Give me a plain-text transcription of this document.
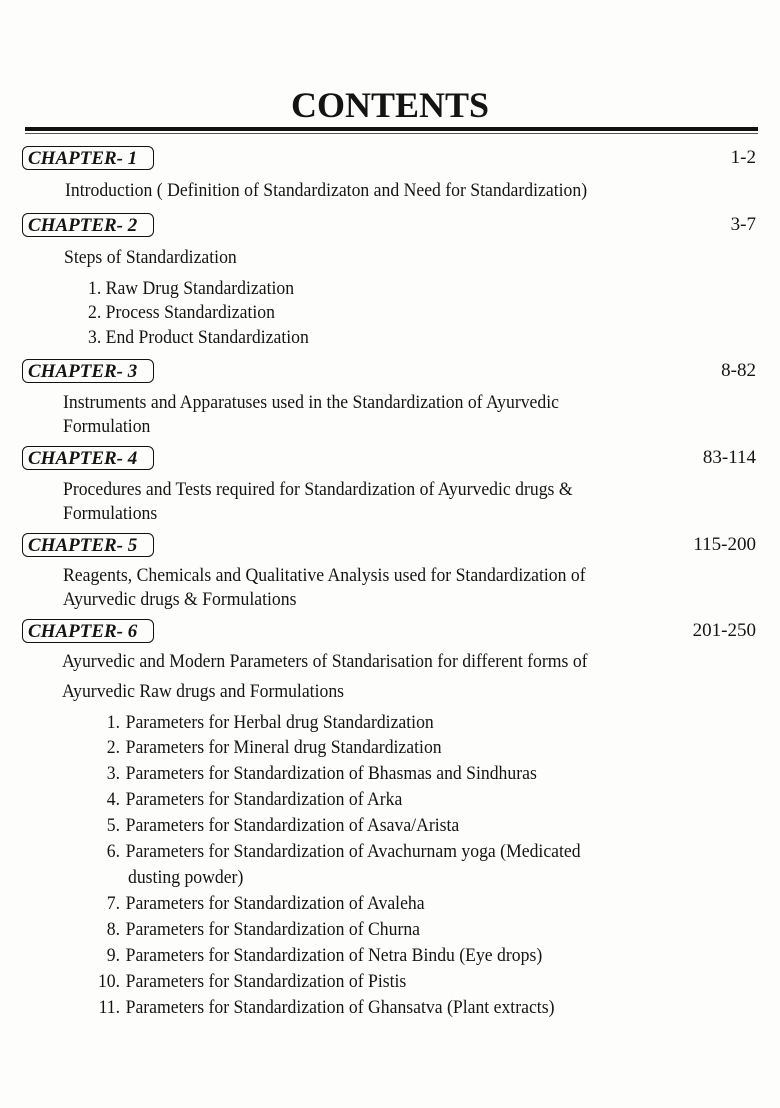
CONTENTS
CHAPTER- 1	1-2
Introduction ( Definition of Standardizaton and Need for Standardization)
CHAPTER- 2	3-7
Steps of Standardization
1. Raw Drug Standardization
2. Process Standardization
3. End Product Standardization
CHAPTER- 3	8-82
Instruments and Apparatuses used in the Standardization of Ayurvedic
Formulation
CHAPTER- 4	83-114
Procedures and Tests required for Standardization of Ayurvedic drugs &
Formulations
CHAPTER- 5	115-200
Reagents, Chemicals and Qualitative Analysis used for Standardization of
Ayurvedic drugs & Formulations
CHAPTER- 6	201-250
Ayurvedic and Modern Parameters of Standarisation for different forms of
Ayurvedic Raw drugs and Formulations
1. Parameters for Herbal drug Standardization
2. Parameters for Mineral drug Standardization
3. Parameters for Standardization of Bhasmas and Sindhuras
4. Parameters for Standardization of Arka
5. Parameters for Standardization of Asava/Arista
6. Parameters for Standardization of Avachurnam yoga (Medicated
dusting powder)
7. Parameters for Standardization of Avaleha
8. Parameters for Standardization of Churna
9. Parameters for Standardization of Netra Bindu (Eye drops)
10. Parameters for Standardization of Pistis
11. Parameters for Standardization of Ghansatva (Plant extracts)
